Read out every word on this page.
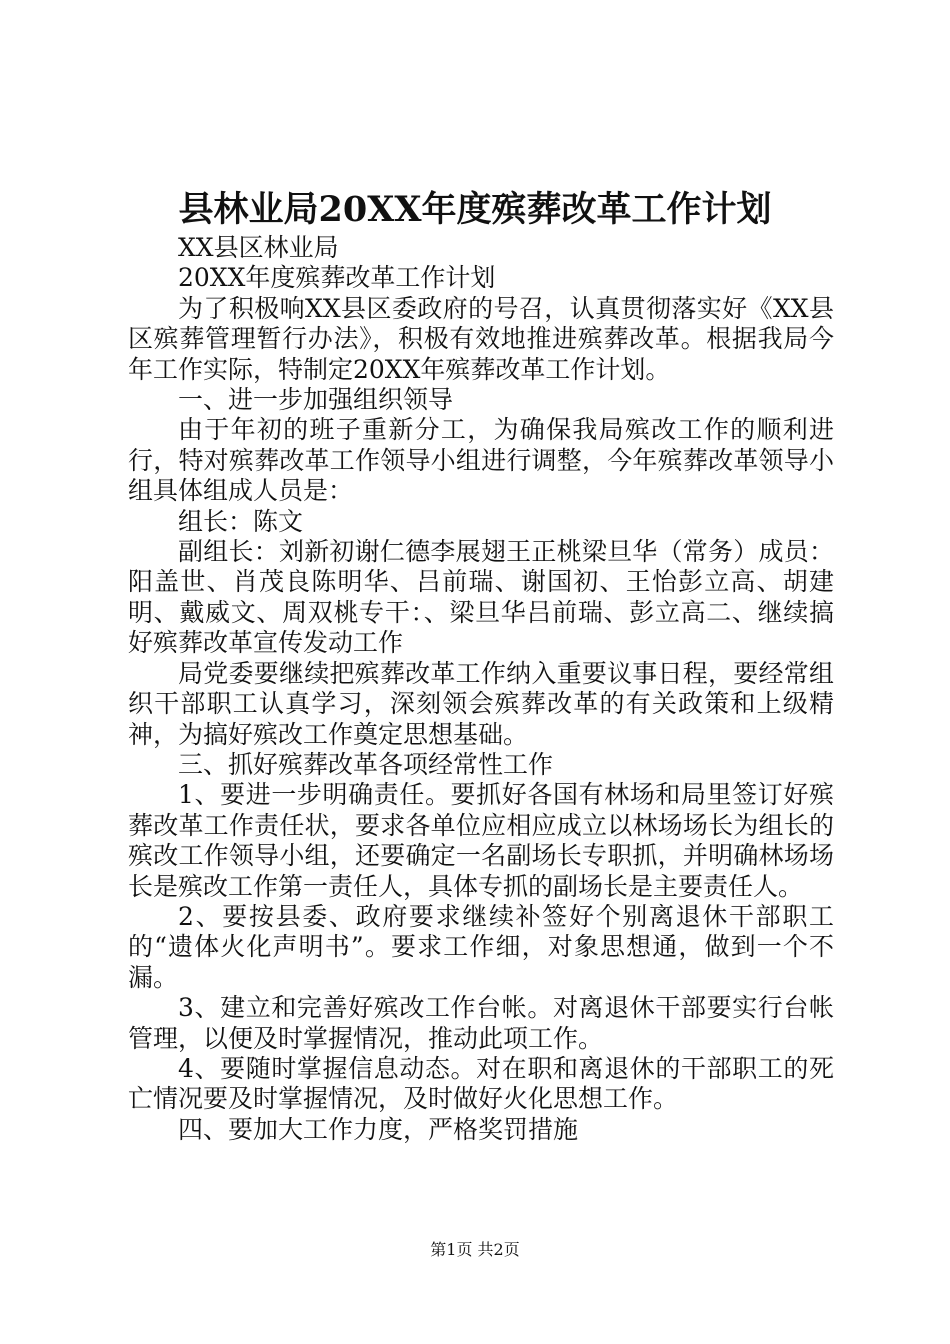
县林业局20XX年度殡葬改革工作计划

XX县区林业局

20XX年度殡葬改革工作计划

为了积极响XX县区委政府的号召，认真贯彻落实好《XX县区殡葬管理暂行办法》，积极有效地推进殡葬改革。根据我局今年工作实际，特制定20XX年殡葬改革工作计划。

一、进一步加强组织领导

由于年初的班子重新分工，为确保我局殡改工作的顺利进行，特对殡葬改革工作领导小组进行调整，今年殡葬改革领导小组具体组成人员是：

组长：陈文

副组长：刘新初谢仁德李展翅王正桃梁旦华（常务）成员：阳盖世、肖茂良陈明华、吕前瑞、谢国初、王怡彭立高、胡建明、戴威文、周双桃专干：、梁旦华吕前瑞、彭立高二、继续搞好殡葬改革宣传发动工作

局党委要继续把殡葬改革工作纳入重要议事日程，要经常组织干部职工认真学习，深刻领会殡葬改革的有关政策和上级精神，为搞好殡改工作奠定思想基础。

三、抓好殡葬改革各项经常性工作

1、要进一步明确责任。要抓好各国有林场和局里签订好殡葬改革工作责任状，要求各单位应相应成立以林场场长为组长的殡改工作领导小组，还要确定一名副场长专职抓，并明确林场场长是殡改工作第一责任人，具体专抓的副场长是主要责任人。

2、要按县委、政府要求继续补签好个别离退休干部职工的“遗体火化声明书”。要求工作细，对象思想通，做到一个不漏。

3、建立和完善好殡改工作台帐。对离退休干部要实行台帐管理，以便及时掌握情况，推动此项工作。

4、要随时掌握信息动态。对在职和离退休的干部职工的死亡情况要及时掌握情况，及时做好火化思想工作。

四、要加大工作力度，严格奖罚措施

第1页 共2页
